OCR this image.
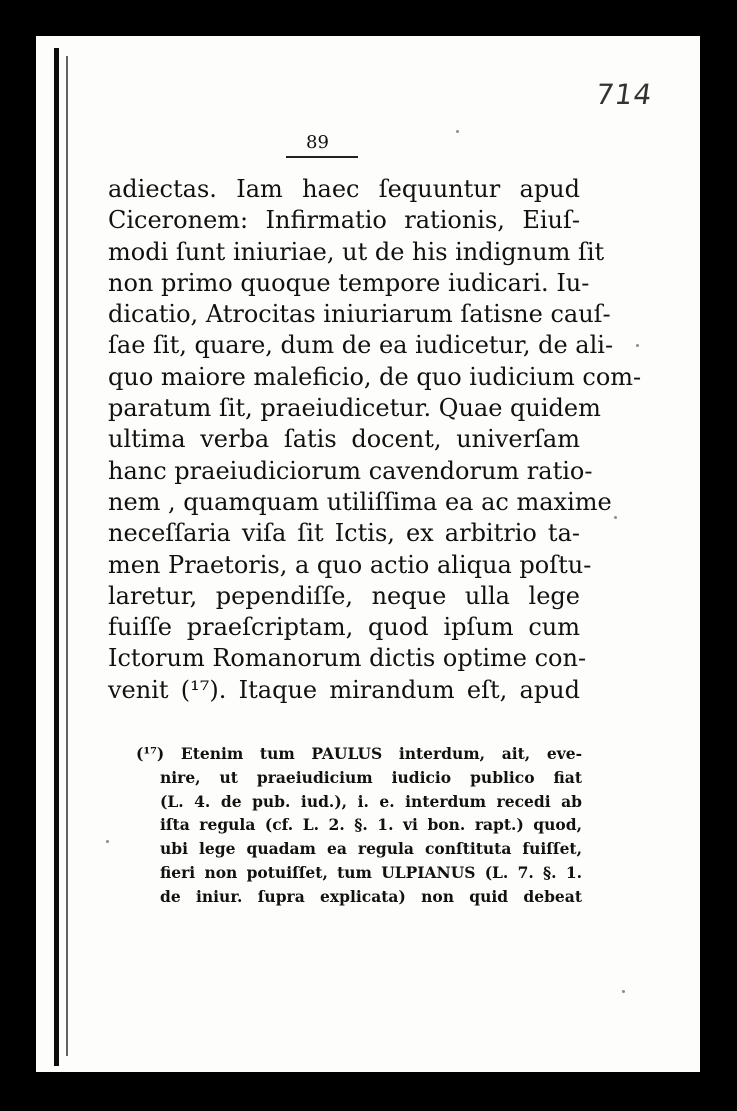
714
89
adiectas. Iam haec ſequuntur apud
Ciceronem: Infirmatio rationis, Eiuſ-
modi ſunt iniuriae, ut de his indignum ſit
non primo quoque tempore iudicari. Iu-
dicatio, Atrocitas iniuriarum ſatisne cauſ-
ſae ſit, quare, dum de ea iudicetur, de ali-
quo maiore maleficio, de quo iudicium com-
paratum ſit, praeiudicetur. Quae quidem
ultima verba ſatis docent, univerſam
hanc praeiudiciorum cavendorum ratio-
nem , quamquam utiliſſima ea ac maxime
neceſſaria viſa ſit Ictis, ex arbitrio ta-
men Praetoris, a quo actio aliqua poſtu-
laretur, pependiſſe, neque ulla lege
fuiſſe praeſcriptam, quod ipſum cum
Ictorum Romanorum dictis optime con-
venit (¹⁷). Itaque mirandum eſt, apud
(¹⁷) Etenim tum PAULUS interdum, ait, eve-
nire, ut praeiudicium iudicio publico fiat
(L. 4. de pub. iud.), i. e. interdum recedi ab
iſta regula (cf. L. 2. §. 1. vi bon. rapt.) quod,
ubi lege quadam ea regula conſtituta fuiſſet,
fieri non potuiſſet, tum ULPIANUS (L. 7. §. 1.
de iniur. ſupra explicata) non quid debeat
